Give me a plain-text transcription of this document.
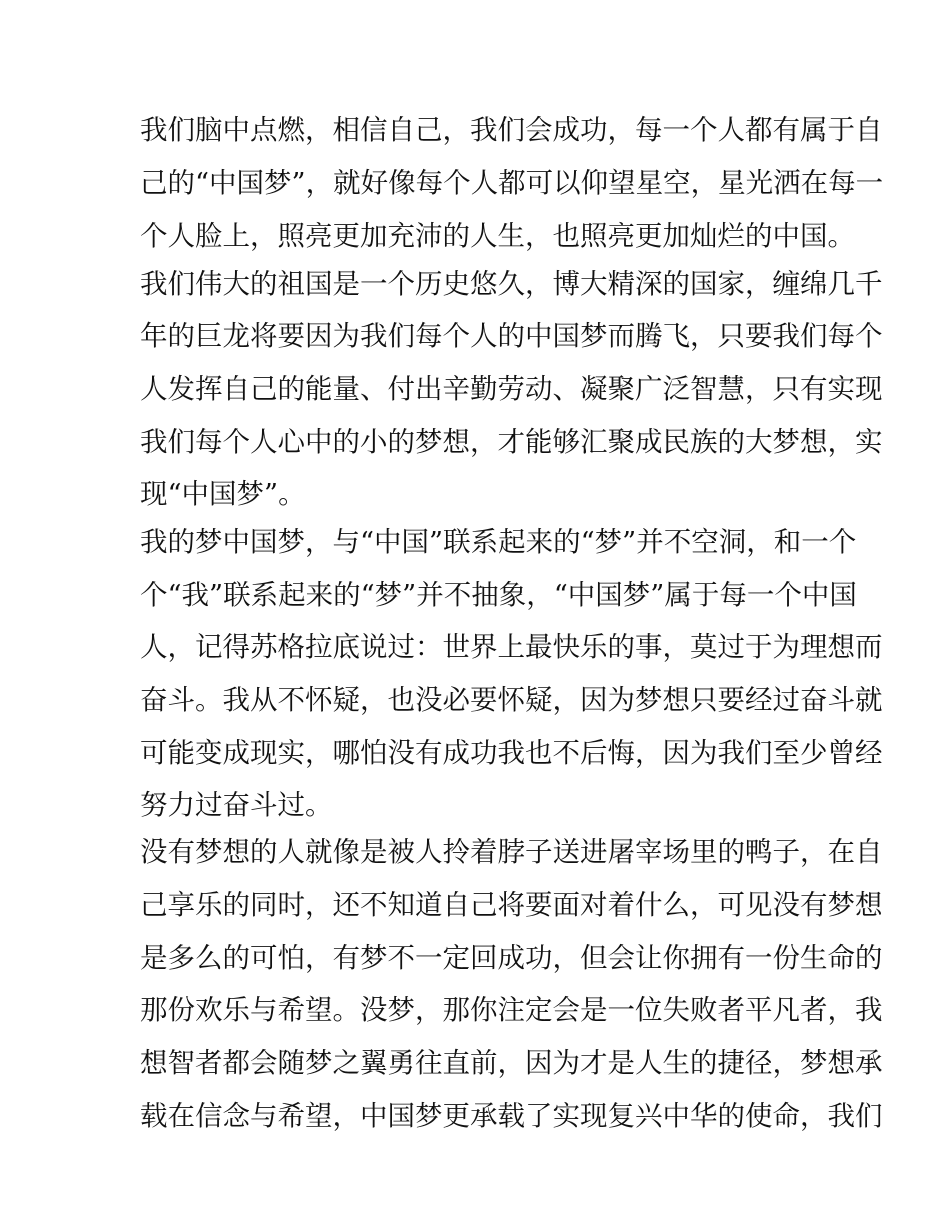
我们脑中点燃，相信自己，我们会成功，每一个人都有属于自
己的“中国梦”，就好像每个人都可以仰望星空，星光洒在每一
个人脸上，照亮更加充沛的人生，也照亮更加灿烂的中国。
我们伟大的祖国是一个历史悠久，博大精深的国家，缠绵几千
年的巨龙将要因为我们每个人的中国梦而腾飞，只要我们每个
人发挥自己的能量、付出辛勤劳动、凝聚广泛智慧，只有实现
我们每个人心中的小的梦想，才能够汇聚成民族的大梦想，实
现“中国梦”。
我的梦中国梦，与“中国”联系起来的“梦”并不空洞，和一个
个“我”联系起来的“梦”并不抽象，“中国梦”属于每一个中国
人，记得苏格拉底说过：世界上最快乐的事，莫过于为理想而
奋斗。我从不怀疑，也没必要怀疑，因为梦想只要经过奋斗就
可能变成现实，哪怕没有成功我也不后悔，因为我们至少曾经
努力过奋斗过。
没有梦想的人就像是被人拎着脖子送进屠宰场里的鸭子，在自
己享乐的同时，还不知道自己将要面对着什么，可见没有梦想
是多么的可怕，有梦不一定回成功，但会让你拥有一份生命的
那份欢乐与希望。没梦，那你注定会是一位失败者平凡者，我
想智者都会随梦之翼勇往直前，因为才是人生的捷径，梦想承
载在信念与希望，中国梦更承载了实现复兴中华的使命，我们
